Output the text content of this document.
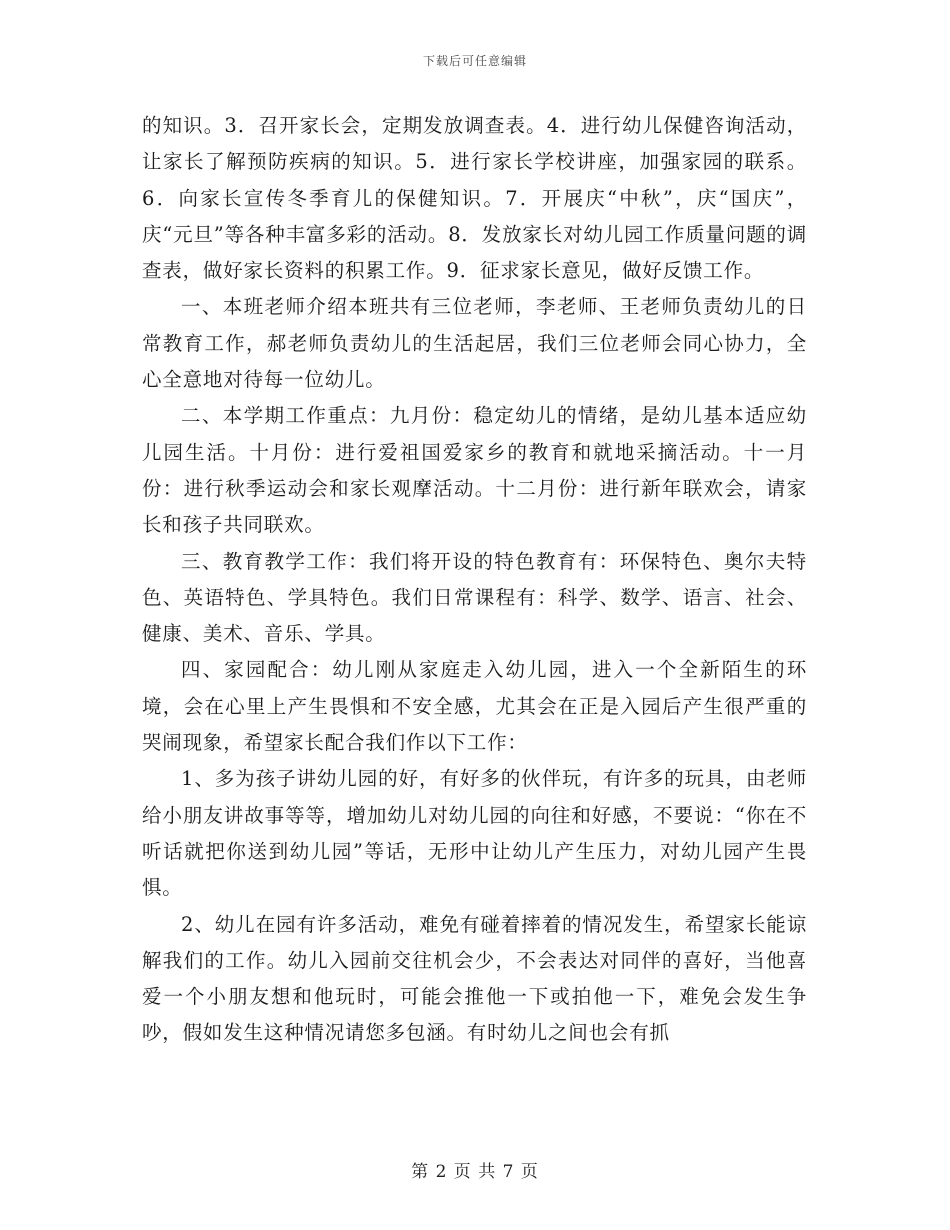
下载后可任意编辑

的知识。3．召开家长会，定期发放调查表。4．进行幼儿保健咨询活动，让家长了解预防疾病的知识。5．进行家长学校讲座，加强家园的联系。6．向家长宣传冬季育儿的保健知识。7．开展庆“中秋”，庆“国庆”，庆“元旦”等各种丰富多彩的活动。8．发放家长对幼儿园工作质量问题的调查表，做好家长资料的积累工作。9．征求家长意见，做好反馈工作。

一、本班老师介绍本班共有三位老师，李老师、王老师负责幼儿的日常教育工作，郝老师负责幼儿的生活起居，我们三位老师会同心协力，全心全意地对待每一位幼儿。

二、本学期工作重点：九月份：稳定幼儿的情绪，是幼儿基本适应幼儿园生活。十月份：进行爱祖国爱家乡的教育和就地采摘活动。十一月份：进行秋季运动会和家长观摩活动。十二月份：进行新年联欢会，请家长和孩子共同联欢。

三、教育教学工作：我们将开设的特色教育有：环保特色、奥尔夫特色、英语特色、学具特色。我们日常课程有：科学、数学、语言、社会、健康、美术、音乐、学具。

四、家园配合：幼儿刚从家庭走入幼儿园，进入一个全新陌生的环境，会在心里上产生畏惧和不安全感，尤其会在正是入园后产生很严重的哭闹现象，希望家长配合我们作以下工作：

1、多为孩子讲幼儿园的好，有好多的伙伴玩，有许多的玩具，由老师给小朋友讲故事等等，增加幼儿对幼儿园的向往和好感，不要说：“你在不听话就把你送到幼儿园”等话，无形中让幼儿产生压力，对幼儿园产生畏惧。

2、幼儿在园有许多活动，难免有碰着摔着的情况发生，希望家长能谅解我们的工作。幼儿入园前交往机会少，不会表达对同伴的喜好，当他喜爱一个小朋友想和他玩时，可能会推他一下或拍他一下，难免会发生争吵，假如发生这种情况请您多包涵。有时幼儿之间也会有抓

第 2 页 共 7 页
